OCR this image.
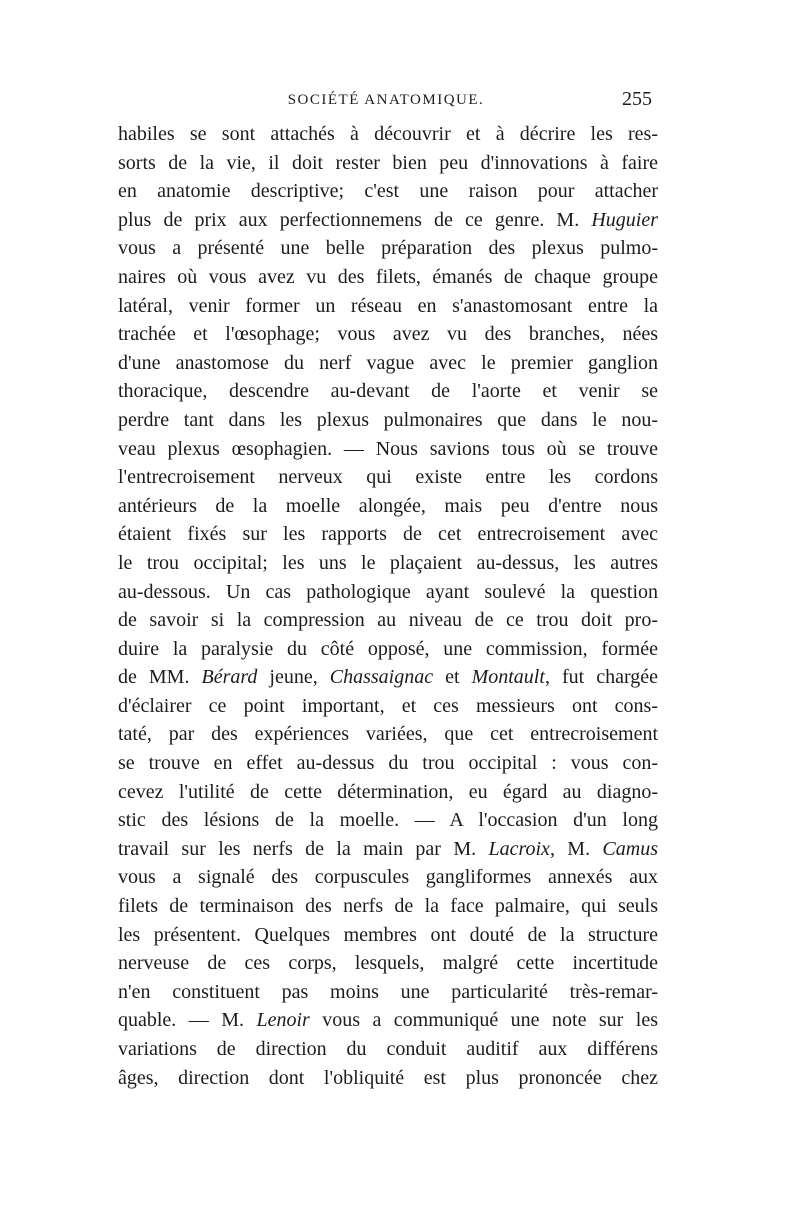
SOCIÉTÉ ANATOMIQUE.	255
habiles se sont attachés à découvrir et à décrire les res-
sorts de la vie, il doit rester bien peu d'innovations à faire
en anatomie descriptive; c'est une raison pour attacher
plus de prix aux perfectionnemens de ce genre. M. Huguier
vous a présenté une belle préparation des plexus pulmo-
naires où vous avez vu des filets, émanés de chaque groupe
latéral, venir former un réseau en s'anastomosant entre la
trachée et l'œsophage; vous avez vu des branches, nées
d'une anastomose du nerf vague avec le premier ganglion
thoracique, descendre au-devant de l'aorte et venir se
perdre tant dans les plexus pulmonaires que dans le nou-
veau plexus œsophagien. — Nous savions tous où se trouve
l'entrecroisement nerveux qui existe entre les cordons
antérieurs de la moelle alongée, mais peu d'entre nous
étaient fixés sur les rapports de cet entrecroisement avec
le trou occipital; les uns le plaçaient au-dessus, les autres
au-dessous. Un cas pathologique ayant soulevé la question
de savoir si la compression au niveau de ce trou doit pro-
duire la paralysie du côté opposé, une commission, formée
de MM. Bérard jeune, Chassaignac et Montault, fut chargée
d'éclairer ce point important, et ces messieurs ont cons-
taté, par des expériences variées, que cet entrecroisement
se trouve en effet au-dessus du trou occipital : vous con-
cevez l'utilité de cette détermination, eu égard au diagno-
stic des lésions de la moelle. — A l'occasion d'un long
travail sur les nerfs de la main par M. Lacroix, M. Camus
vous a signalé des corpuscules gangliformes annexés aux
filets de terminaison des nerfs de la face palmaire, qui seuls
les présentent. Quelques membres ont douté de la structure
nerveuse de ces corps, lesquels, malgré cette incertitude
n'en constituent pas moins une particularité très-remar-
quable. — M. Lenoir vous a communiqué une note sur les
variations de direction du conduit auditif aux différens
âges, direction dont l'obliquité est plus prononcée chez
